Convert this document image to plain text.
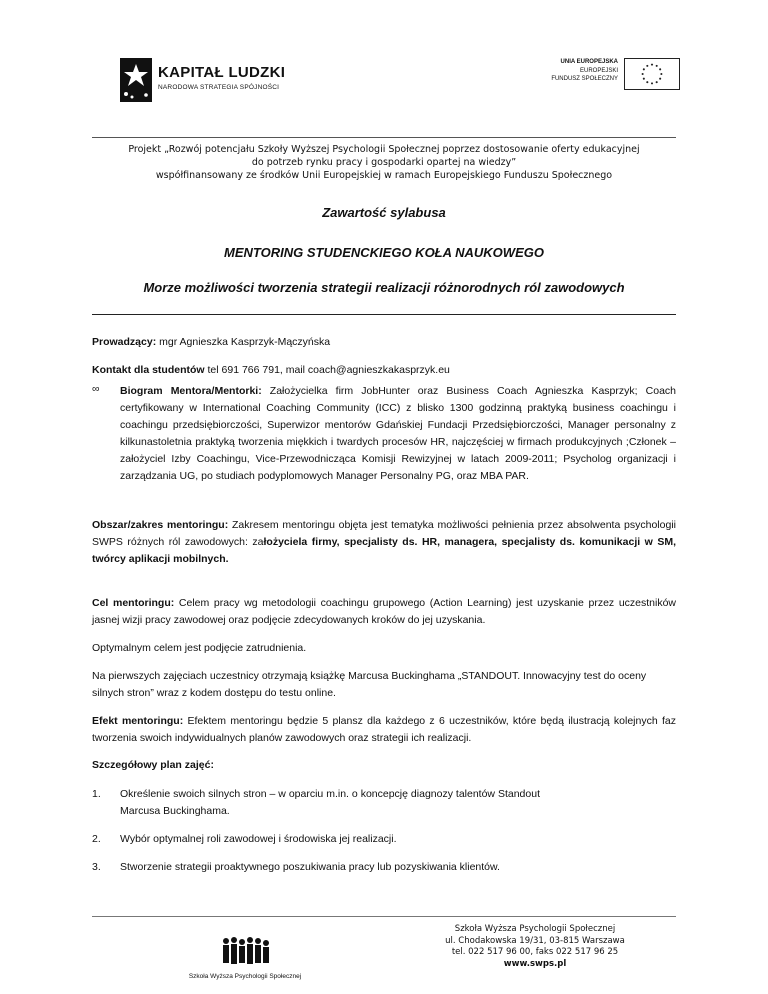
KAPITAŁ LUDZKI
NARODOWA STRATEGIA SPÓJNOŚCI
UNIA EUROPEJSKA
EUROPEJSKI
FUNDUSZ SPOŁECZNY
Projekt „Rozwój potencjału Szkoły Wyższej Psychologii Społecznej poprzez dostosowanie oferty edukacyjnej
do potrzeb rynku pracy i gospodarki opartej na wiedzy”
współfinansowany ze środków Unii Europejskiej w ramach Europejskiego Funduszu Społecznego
Zawartość sylabusa
MENTORING STUDENCKIEGO KOŁA NAUKOWEGO
Morze możliwości tworzenia strategii realizacji różnorodnych ról zawodowych
Prowadzący: mgr Agnieszka Kasprzyk-Mączyńska
Kontakt dla studentów tel 691 766 791, mail coach@agnieszkakasprzyk.eu
∞ Biogram Mentora/Mentorki: Założycielka firm JobHunter oraz Business Coach Agnieszka Kasprzyk; Coach certyfikowany w International Coaching Community (ICC) z blisko 1300 godzinną praktyką business coachingu i coachingu przedsiębiorczości, Superwizor mentorów Gdańskiej Fundacji Przedsiębiorczości, Manager personalny z kilkunastoletnia praktyką tworzenia miękkich i twardych procesów HR, najczęściej w firmach produkcyjnych ;Członek – założyciel Izby Coachingu, Vice-Przewodnicząca Komisji Rewizyjnej w latach 2009-2011; Psycholog organizacji i zarządzania UG, po studiach podyplomowych Manager Personalny PG, oraz MBA PAR.
Obszar/zakres mentoringu: Zakresem mentoringu objęta jest tematyka możliwości pełnienia przez absolwenta psychologii SWPS różnych ról zawodowych: założyciela firmy, specjalisty ds. HR, managera, specjalisty ds. komunikacji w SM, twórcy aplikacji mobilnych.
Cel mentoringu: Celem pracy wg metodologii coachingu grupowego (Action Learning) jest uzyskanie przez uczestników jasnej wizji pracy zawodowej oraz podjęcie zdecydowanych kroków do jej uzyskania.
Optymalnym celem jest podjęcie zatrudnienia.
Na pierwszych zajęciach uczestnicy otrzymają książkę Marcusa Buckinghama „STANDOUT. Innowacyjny test do oceny silnych stron” wraz z kodem dostępu do testu online.
Efekt mentoringu: Efektem mentoringu będzie 5 plansz dla każdego z 6 uczestników, które będą ilustracją kolejnych faz tworzenia swoich indywidualnych planów zawodowych oraz strategii ich realizacji.
Szczegółowy plan zajęć:
1. Określenie swoich silnych stron – w oparciu m.in. o koncepcję diagnozy talentów Standout Marcusa Buckinghama.
2. Wybór optymalnej roli zawodowej i środowiska jej realizacji.
3. Stworzenie strategii proaktywnego poszukiwania pracy lub pozyskiwania klientów.
Szkoła Wyższa Psychologii Społecznej
Szkoła Wyższa Psychologii Społecznej
ul. Chodakowska 19/31, 03-815 Warszawa
tel. 022 517 96 00, faks 022 517 96 25
www.swps.pl
